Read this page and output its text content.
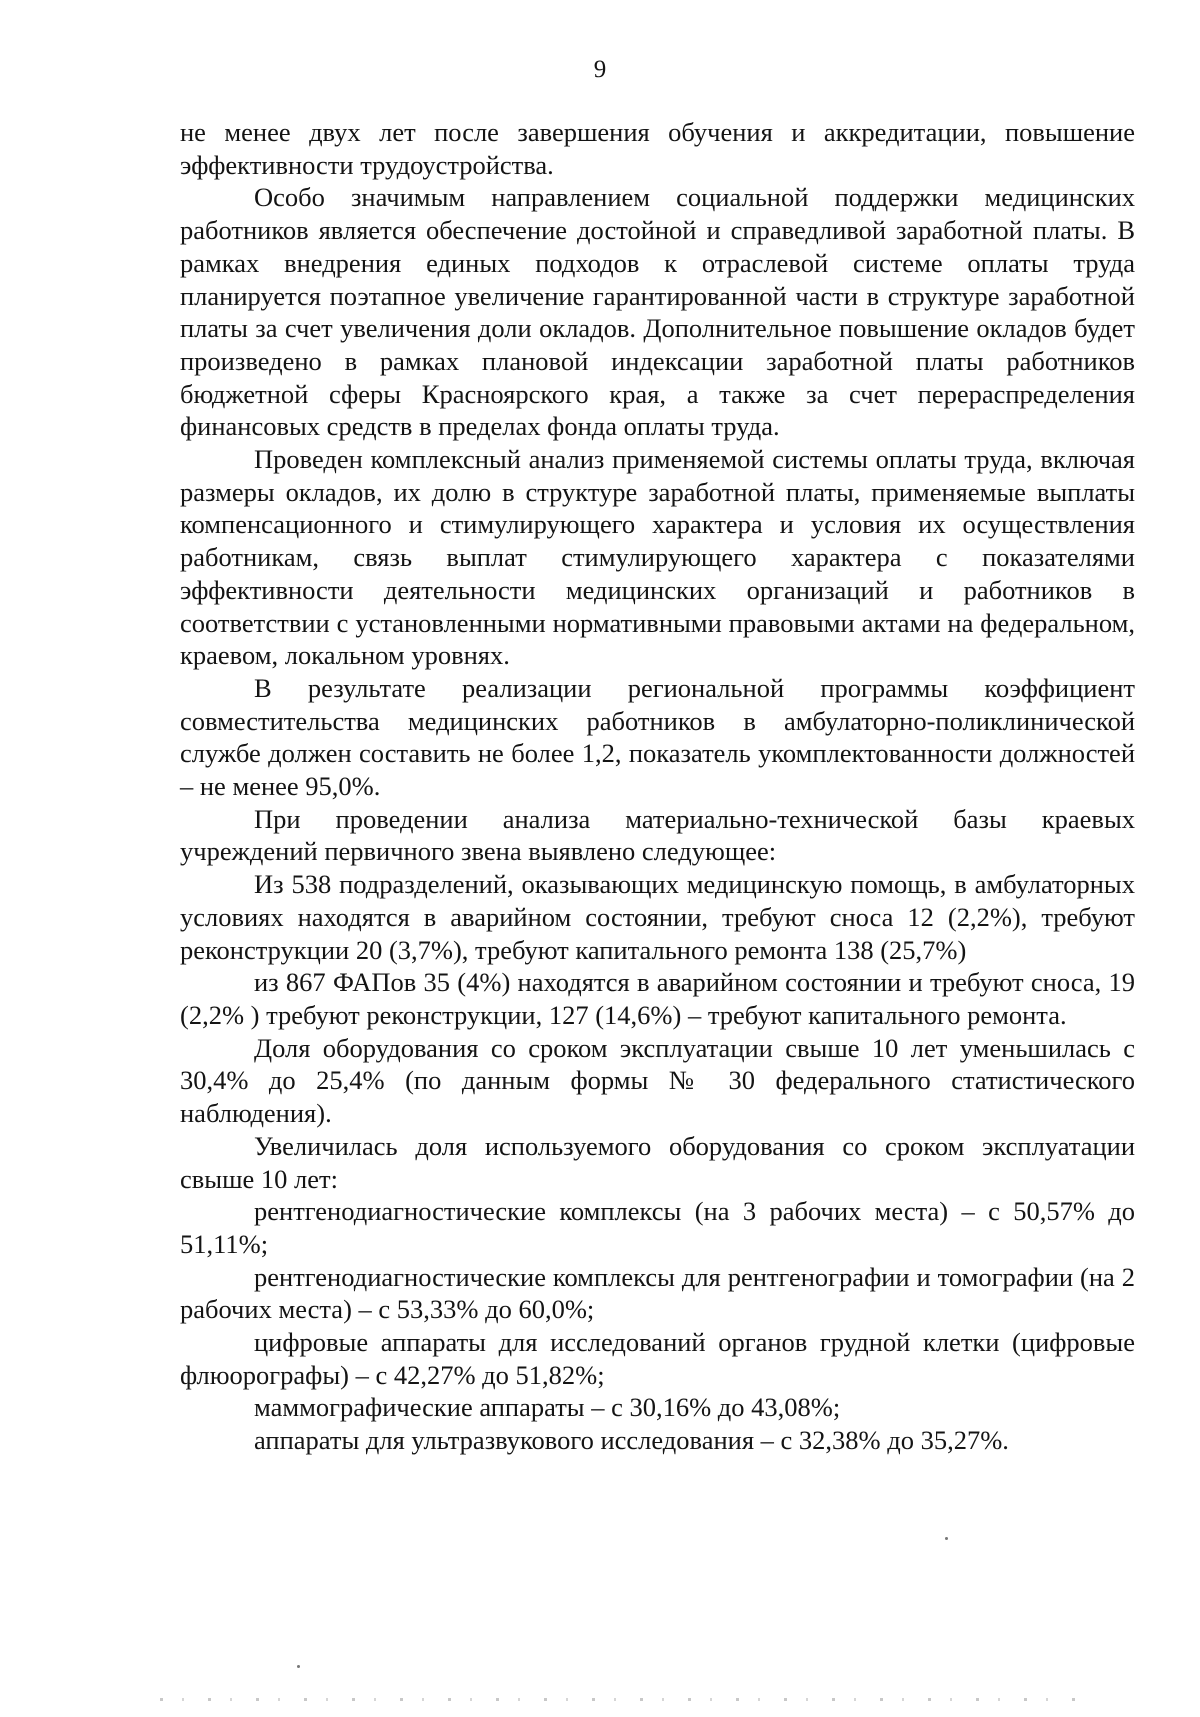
9

не менее двух лет после завершения обучения и аккредитации, повышение эффективности трудоустройства.

Особо значимым направлением социальной поддержки медицинских работников является обеспечение достойной и справедливой заработной платы. В рамках внедрения единых подходов к отраслевой системе оплаты труда планируется поэтапное увеличение гарантированной части в структуре заработной платы за счет увеличения доли окладов. Дополнительное повышение окладов будет произведено в рамках плановой индексации заработной платы работников бюджетной сферы Красноярского края, а также за счет перераспределения финансовых средств в пределах фонда оплаты труда.

Проведен комплексный анализ применяемой системы оплаты труда, включая размеры окладов, их долю в структуре заработной платы, применяемые выплаты компенсационного и стимулирующего характера и условия их осуществления работникам, связь выплат стимулирующего характера с показателями эффективности деятельности медицинских организаций и работников в соответствии с установленными нормативными правовыми актами на федеральном, краевом, локальном уровнях.

В результате реализации региональной программы коэффициент совместительства медицинских работников в амбулаторно-поликлинической службе должен составить не более 1,2, показатель укомплектованности должностей – не менее 95,0%.

При проведении анализа материально-технической базы краевых учреждений первичного звена выявлено следующее:

Из 538 подразделений, оказывающих медицинскую помощь, в амбулаторных условиях находятся в аварийном состоянии, требуют сноса 12 (2,2%), требуют реконструкции 20 (3,7%), требуют капитального ремонта 138 (25,7%)

из 867 ФАПов 35 (4%) находятся в аварийном состоянии и требуют сноса, 19 (2,2% ) требуют реконструкции, 127 (14,6%) – требуют капитального ремонта.

Доля оборудования со сроком эксплуатации свыше 10 лет уменьшилась с 30,4% до 25,4% (по данным формы № 30 федерального статистического наблюдения).

Увеличилась доля используемого оборудования со сроком эксплуатации свыше 10 лет:

рентгенодиагностические комплексы (на 3 рабочих места) – с 50,57% до 51,11%;

рентгенодиагностические комплексы для рентгенографии и томографии (на 2 рабочих места) – с 53,33% до 60,0%;

цифровые аппараты для исследований органов грудной клетки (цифровые флюорографы) – с 42,27% до 51,82%;

маммографические аппараты – с 30,16% до 43,08%;

аппараты для ультразвукового исследования – с 32,38% до 35,27%.
